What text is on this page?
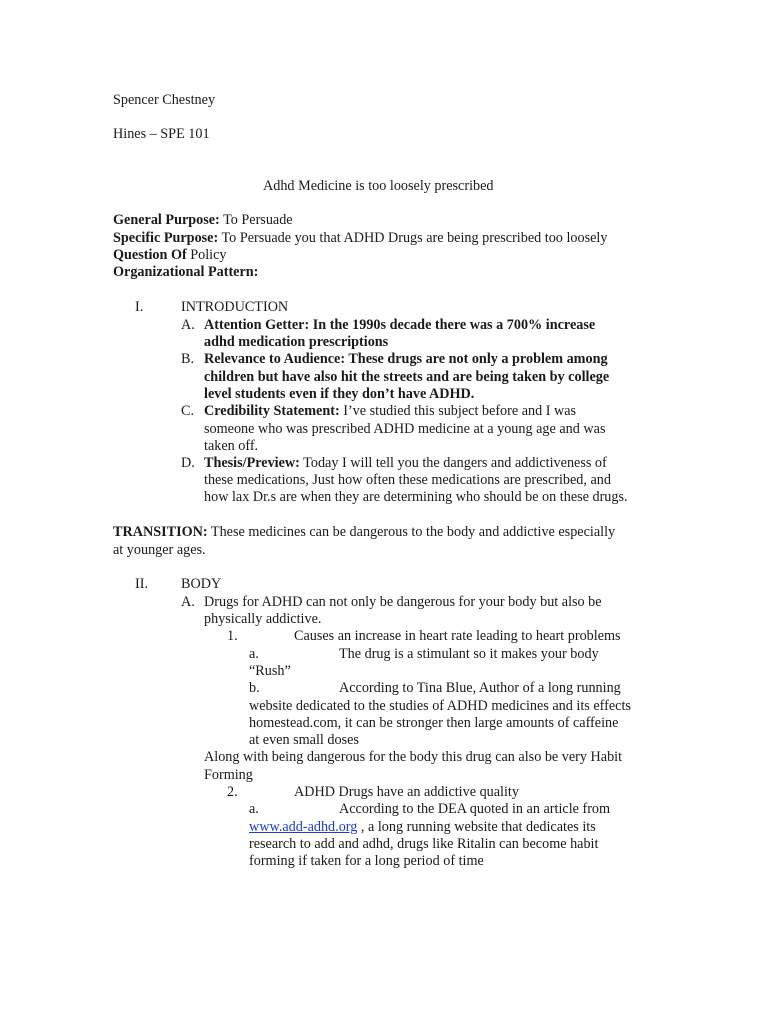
Spencer Chestney
Hines – SPE 101
Adhd Medicine is too loosely prescribed
General Purpose: To Persuade
Specific Purpose: To Persuade you that ADHD Drugs are being prescribed too loosely
Question Of Policy
Organizational Pattern:
I.	INTRODUCTION
A. Attention Getter: In the 1990s decade there was a 700% increase
adhd medication prescriptions
B. Relevance to Audience: These drugs are not only a problem among
children but have also hit the streets and are being taken by college
level students even if they don’t have ADHD.
C. Credibility Statement: I’ve studied this subject before and I was
someone who was prescribed ADHD medicine at a young age and was
taken off.
D. Thesis/Preview: Today I will tell you the dangers and addictiveness of
these medications, Just how often these medications are prescribed, and
how lax Dr.s are when they are determining who should be on these drugs.
TRANSITION: These medicines can be dangerous to the body and addictive especially
at younger ages.
II. BODY
A. Drugs for ADHD can not only be dangerous for your body but also be
physically addictive.
1.	Causes an increase in heart rate leading to heart problems
a.	The drug is a stimulant so it makes your body
“Rush”
b.	According to Tina Blue, Author of a long running
website dedicated to the studies of ADHD medicines and its effects
homestead.com, it can be stronger then large amounts of caffeine
at even small doses
Along with being dangerous for the body this drug can also be very Habit
Forming
2.	ADHD Drugs have an addictive quality
a.	According to the DEA quoted in an article from
www.add-adhd.org , a long running website that dedicates its
research to add and adhd, drugs like Ritalin can become habit
forming if taken for a long period of time
